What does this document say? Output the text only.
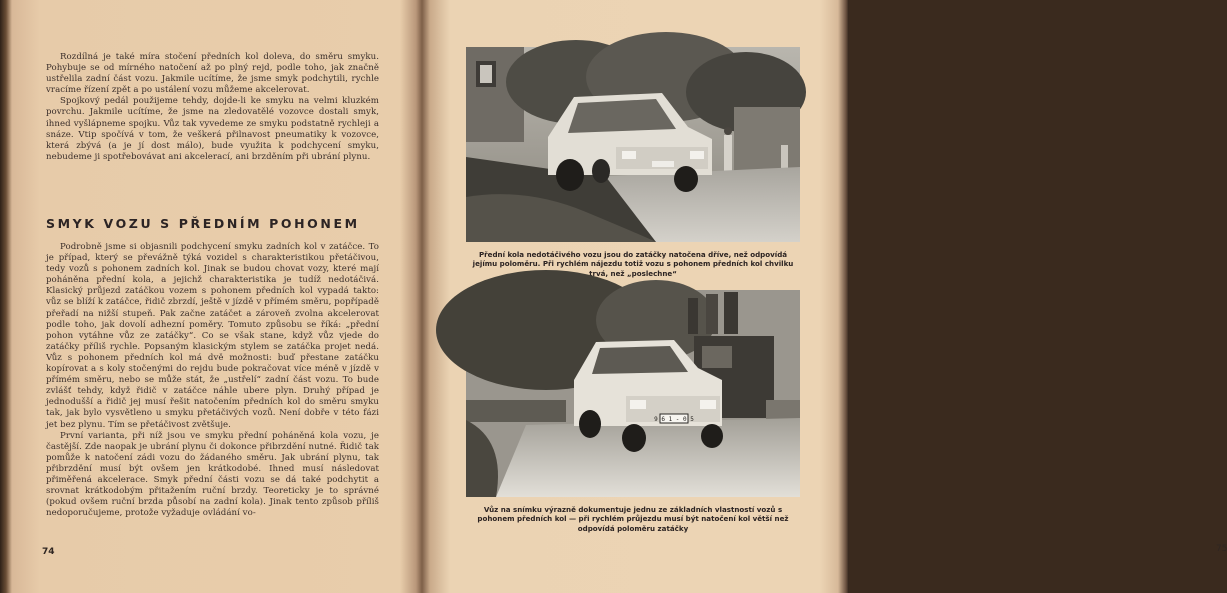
Rozdílná je také míra stočení předních kol doleva, do směru smyku. Pohybuje se od mírného natočení až po plný rejd, podle toho, jak značně ustřelila zadní část vozu. Jakmile ucítíme, že jsme smyk podchytili, rychle vracíme řízení zpět a po ustálení vozu můžeme akcelerovat.

Spojkový pedál použijeme tehdy, dojde-li ke smyku na velmi kluzkém povrchu. Jakmile ucítíme, že jsme na zledovatělé vozovce dostali smyk, ihned vyšlápneme spojku. Vůz tak vyvedeme ze smyku podstatně rychleji a snáze. Vtip spočívá v tom, že veškerá přilnavost pneumatiky k vozovce, která zbývá (a je jí dost málo), bude využita k podchycení smyku, nebudeme ji spotřebovávat ani akcelerací, ani brzděním při ubrání plynu.

SMYK VOZU S PŘEDNÍM POHONEM

Podrobně jsme si objasnili podchycení smyku zadních kol v zatáčce. To je případ, který se převážně týká vozidel s charakteristikou přetáčivou, tedy vozů s pohonem zadních kol. Jinak se budou chovat vozy, které mají poháněna přední kola, a jejichž charakteristika je tudíž nedotáčivá. Klasický průjezd zatáčkou vozem s pohonem předních kol vypadá takto: vůz se blíží k zatáčce, řidič zbrzdí, ještě v jízdě v přímém směru, popřípadě přeřadí na nižší stupeň. Pak začne zatáčet a zároveň zvolna akcelerovat podle toho, jak dovolí adhezní poměry. Tomuto způsobu se říká: „přední pohon vytáhne vůz ze zatáčky“. Co se však stane, když vůz vjede do zatáčky příliš rychle. Popsaným klasickým stylem se zatáčka projet nedá. Vůz s pohonem předních kol má dvě možnosti: buď přestane zatáčku kopírovat a s koly stočenými do rejdu bude pokračovat více méně v jízdě v přímém směru, nebo se může stát, že „ustřelí“ zadní část vozu. To bude zvlášť tehdy, když řidič v zatáčce náhle ubere plyn. Druhý případ je jednodušší a řidič jej musí řešit natočením předních kol do směru smyku tak, jak bylo vysvětleno u smyku přetáčivých vozů. Není dobře v této fázi jet bez plynu. Tím se přetáčivost zvětšuje.

První varianta, při níž jsou ve smyku přední poháněná kola vozu, je častější. Zde naopak je ubrání plynu či dokonce přibrzdění nutné. Řidič tak pomůže k natočení zádi vozu do žádaného směru. Jak ubrání plynu, tak přibrzdění musí být ovšem jen krátkodobé. Ihned musí následovat přiměřená akcelerace. Smyk přední části vozu se dá také podchytit a srovnat krátkodobým přitažením ruční brzdy. Teoreticky je to správné (pokud ovšem ruční brzda působí na zadní kola). Jinak tento způsob příliš nedoporučujeme, protože vyžaduje ovládání vo-

74
Přední kola nedotáčivého vozu jsou do zatáčky natočena dříve, než odpovídá jejímu poloměru. Při rychlém nájezdu totiž vozu s pohonem předních kol chvilku trvá, než „poslechne“
9 6 1 - 0 5
Vůz na snímku výrazně dokumentuje jednu ze základních vlastností vozů s pohonem předních kol — při rychlém průjezdu musí být natočení kol větší než odpovídá poloměru zatáčky
75
